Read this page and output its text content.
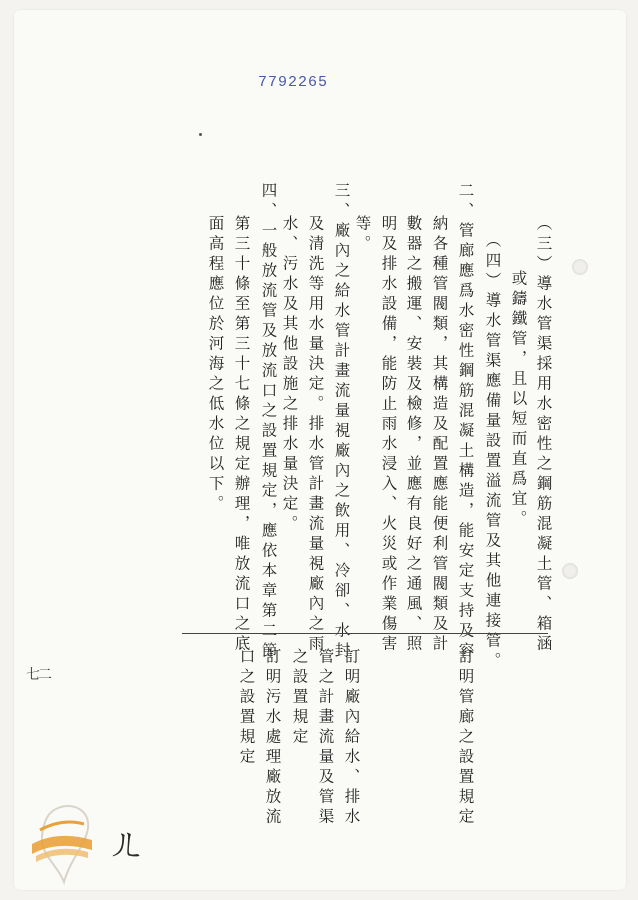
7792265
（三）導水管渠採用水密性之鋼筋混凝土管、箱涵
或鑄鐵管，且以短而直爲宜。
（四）導水管渠應備量設置溢流管及其他連接管。
二、管廊應爲水密性鋼筋混凝土構造，能安定支持及容
納各種管閥類，其構造及配置應能便利管閥類及計
數器之搬運、安裝及檢修，並應有良好之通風、照
明及排水設備，能防止雨水浸入、火災或作業傷害
等。
三、廠內之給水管計畫流量視廠內之飲用、冷卻、水封
及清洗等用水量決定。排水管計畫流量視廠內之雨
水、污水及其他設施之排水量決定。
四、一般放流管及放流口之設置規定，應依本章第二節
第三十條至第三十七條之規定辦理，唯放流口之底
面高程應位於河海之低水位以下。
訂明管廊之設置規定
訂明廠內給水、排水
管之計畫流量及管渠
之設置規定
訂明污水處理廠放流
口之設置規定
七二
ㄦ
